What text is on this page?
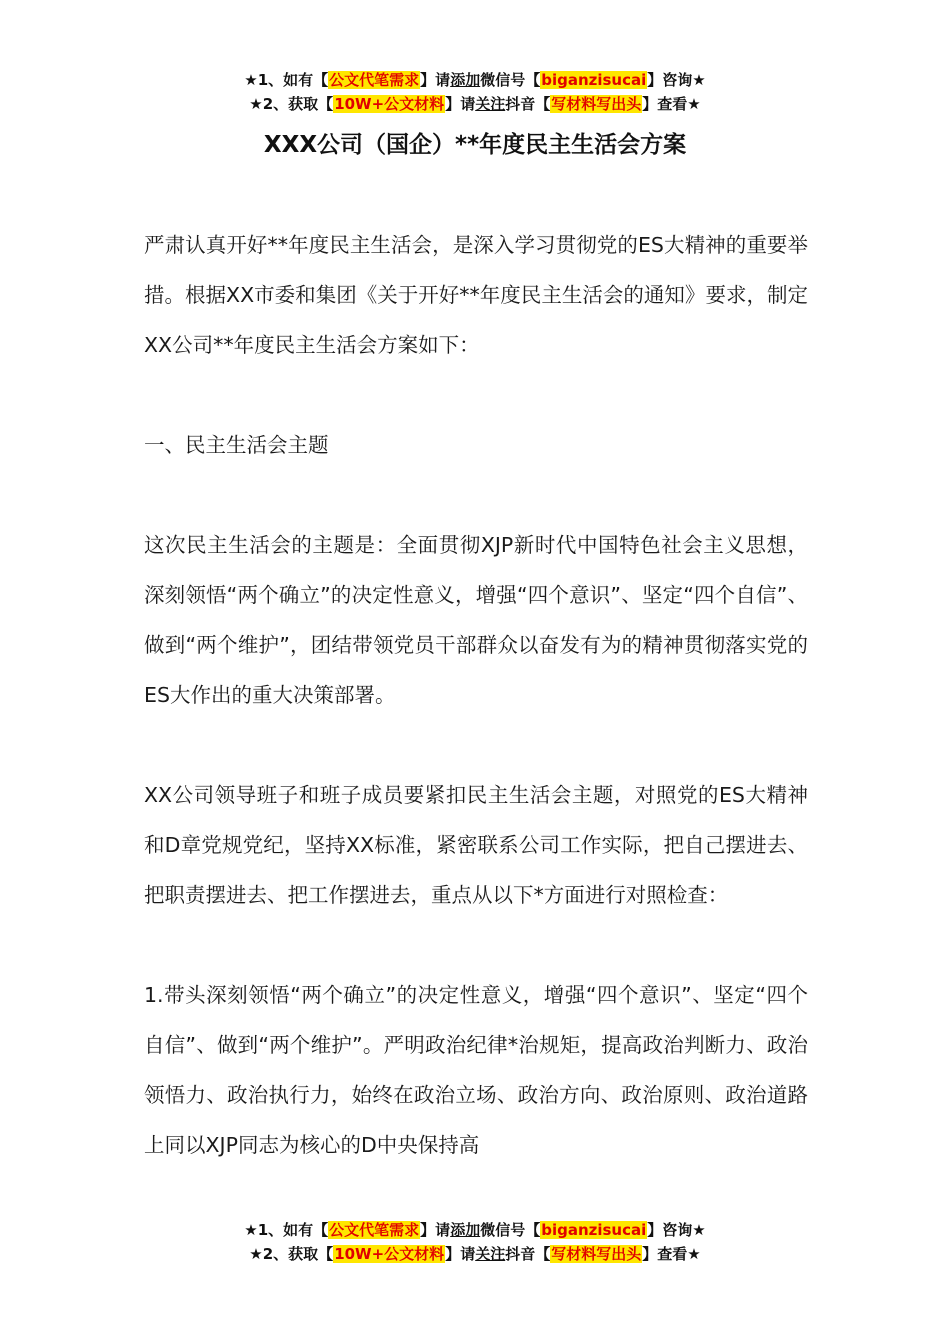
★1、如有【公文代笔需求】请添加微信号【biganzisucai】咨询★
★2、获取【10W+公文材料】请关注抖音【写材料写出头】查看★
XXX公司（国企）**年度民主生活会方案

严肃认真开好**年度民主生活会，是深入学习贯彻党的ES大精神的重要举措。根据XX市委和集团《关于开好**年度民主生活会的通知》要求，制定XX公司**年度民主生活会方案如下：

一、民主生活会主题

这次民主生活会的主题是：全面贯彻XJP新时代中国特色社会主义思想，深刻领悟“两个确立”的决定性意义，增强“四个意识”、坚定“四个自信”、做到“两个维护”，团结带领党员干部群众以奋发有为的精神贯彻落实党的ES大作出的重大决策部署。

XX公司领导班子和班子成员要紧扣民主生活会主题，对照党的ES大精神和D章党规党纪，坚持XX标准，紧密联系公司工作实际，把自己摆进去、把职责摆进去、把工作摆进去，重点从以下*方面进行对照检查：

1.带头深刻领悟“两个确立”的决定性意义，增强“四个意识”、坚定“四个自信”、做到“两个维护”。严明政治纪律*治规矩，提高政治判断力、政治领悟力、政治执行力，始终在政治立场、政治方向、政治原则、政治道路上同以XJP同志为核心的D中央保持高

★1、如有【公文代笔需求】请添加微信号【biganzisucai】咨询★
★2、获取【10W+公文材料】请关注抖音【写材料写出头】查看★
